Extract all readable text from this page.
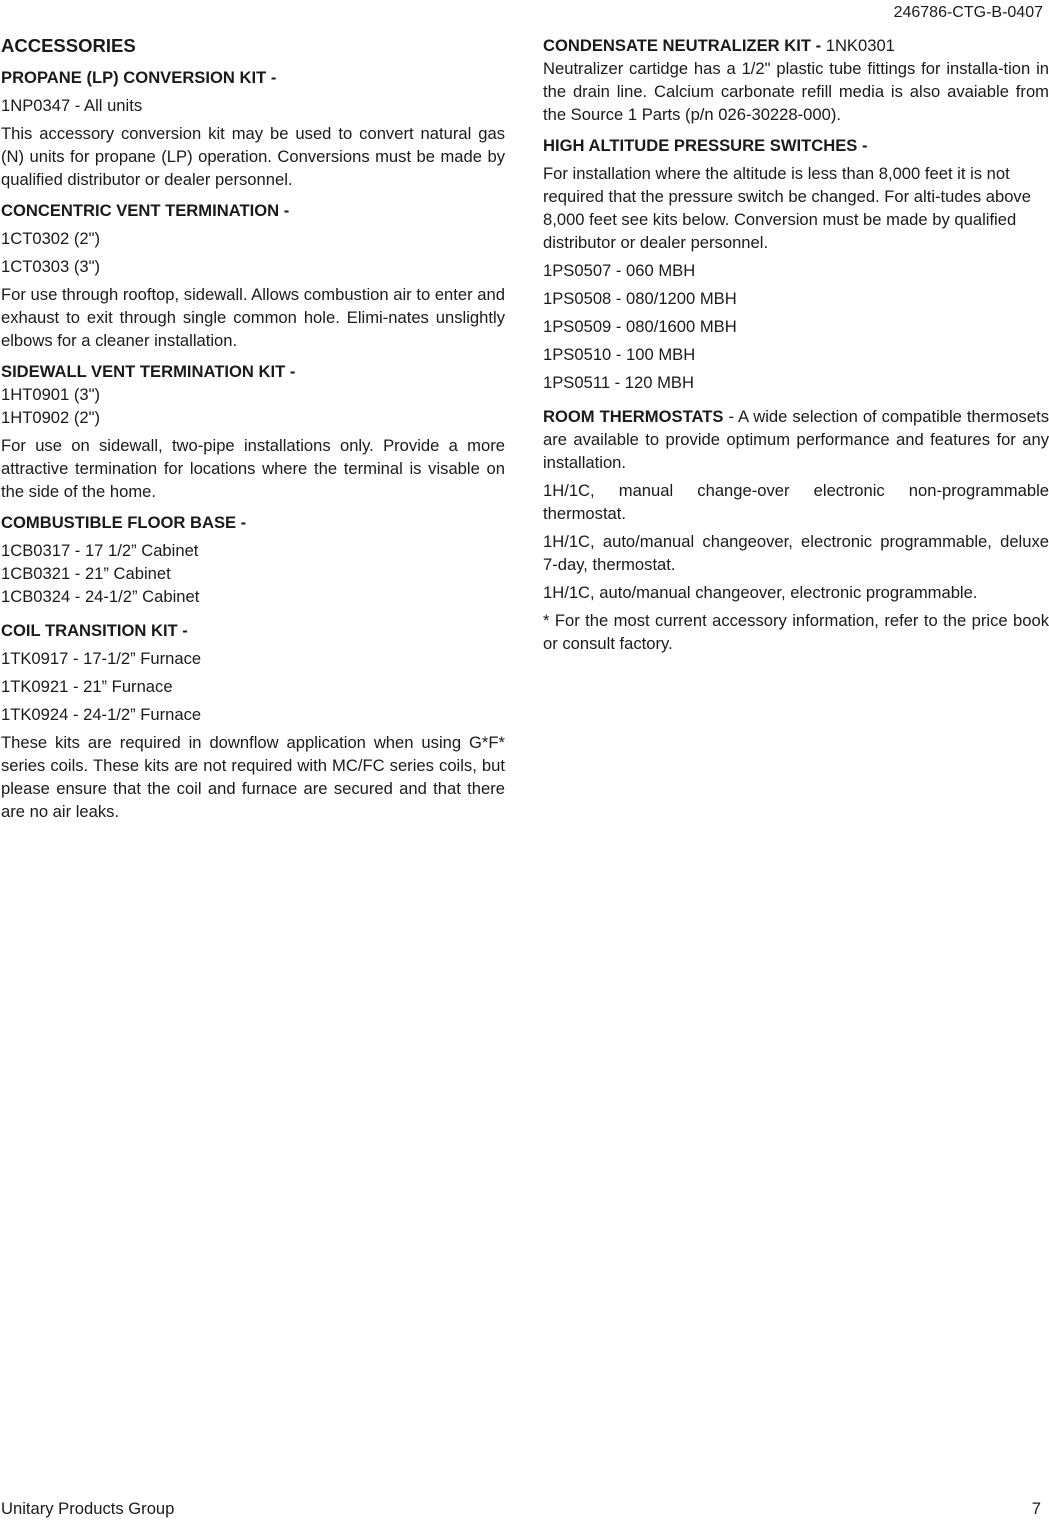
246786-CTG-B-0407
ACCESSORIES
PROPANE (LP) CONVERSION KIT -

1NP0347 - All units

This accessory conversion kit may be used to convert natural gas (N) units for propane (LP) operation. Conversions must be made by qualified distributor or dealer personnel.

CONCENTRIC VENT TERMINATION -

1CT0302 (2")

1CT0303 (3")

For use through rooftop, sidewall. Allows combustion air to enter and exhaust to exit through single common hole. Elimi-nates unslightly elbows for a cleaner installation.

SIDEWALL VENT TERMINATION KIT -

1HT0901 (3")

1HT0902 (2")

For use on sidewall, two-pipe installations only. Provide a more attractive termination for locations where the terminal is visable on the side of the home.

COMBUSTIBLE FLOOR BASE -

1CB0317 - 17 1/2” Cabinet

1CB0321 - 21” Cabinet

1CB0324 - 24-1/2” Cabinet

COIL TRANSITION KIT -

1TK0917 - 17-1/2” Furnace

1TK0921 - 21” Furnace

1TK0924 - 24-1/2” Furnace

These kits are required in downflow application when using G*F* series coils. These kits are not required with MC/FC series coils, but please ensure that the coil and furnace are secured and that there are no air leaks.

CONDENSATE NEUTRALIZER KIT - 1NK0301

Neutralizer cartidge has a 1/2" plastic tube fittings for installa-tion in the drain line. Calcium carbonate refill media is also avaiable from the Source 1 Parts (p/n 026-30228-000).

HIGH ALTITUDE PRESSURE SWITCHES -

For installation where the altitude is less than 8,000 feet it is not required that the pressure switch be changed. For alti-tudes above 8,000 feet see kits below. Conversion must be made by qualified distributor or dealer personnel.

1PS0507 - 060 MBH

1PS0508 - 080/1200 MBH

1PS0509 - 080/1600 MBH

1PS0510 - 100 MBH

1PS0511 - 120 MBH

ROOM THERMOSTATS - A wide selection of compatible thermosets are available to provide optimum performance and features for any installation.

1H/1C, manual change-over electronic non-programmable thermostat.

1H/1C, auto/manual changeover, electronic programmable, deluxe 7-day, thermostat.

1H/1C, auto/manual changeover, electronic programmable.

* For the most current accessory information, refer to the price book or consult factory.

Unitary Products Group	7
